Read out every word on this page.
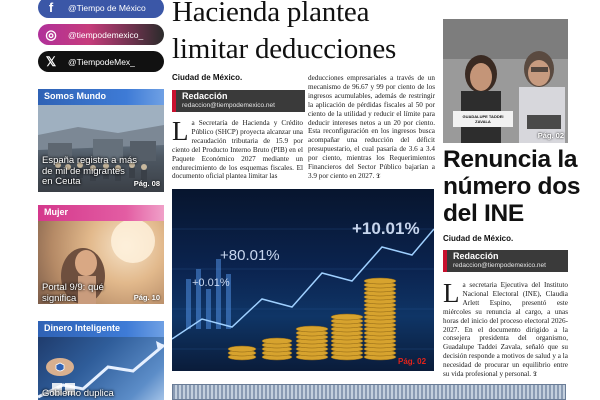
f	@Tiempo de México
◎	@tiempodemexico_
𝕏	@TiempodeMex_
Somos Mundo
España registra a más de mil de migrantes en Ceuta	Pág. 08
Mujer
Portal 9/9: qué significa	Pág. 10
Dinero Inteligente
Gobierno duplica
Hacienda plantea limitar deducciones
Ciudad de México.
Redacción
redaccion@tiempodemexico.net
La Secretaría de Hacienda y Crédito Público (SHCP) proyecta alcanzar una recaudación tributaria de 15.9 por ciento del Producto Interno Bruto (PIB) en el Paquete Económico 2027 mediante un endurecimiento de los esquemas fiscales. El documento oficial plantea limitar las
deducciones empresariales a través de un mecanismo de 96.67 y 99 por ciento de los ingresos acumulables, además de restringir la aplicación de pérdidas fiscales al 50 por ciento de la utilidad y reducir el límite para deducir intereses netos a un 20 por ciento. Esta reconfiguración en los ingresos busca acompañar una reducción del déficit presupuestario, el cual pasaría de 3.6 a 3.4 por ciento, mientras los Requerimientos Financieros del Sector Público bajarían a 3.9 por ciento en 2027. 𝕿
+80.01%
+0.01%
+10.01%
Pág. 02
GUADALUPE TADDEI ZAVALA
Pág. 02
Renuncia la número dos del INE
Ciudad de México.
Redacción
redaccion@tiempodemexico.net
La secretaria Ejecutiva del Instituto Nacional Electoral (INE), Claudia Arlett Espino, presentó este miércoles su renuncia al cargo, a unas horas del inicio del proceso electoral 2026-2027. En el documento dirigido a la consejera presidenta del organismo, Guadalupe Taddei Zavala, señaló que su decisión responde a motivos de salud y a la necesidad de procurar un equilibrio entre su vida profesional y personal. 𝕿
